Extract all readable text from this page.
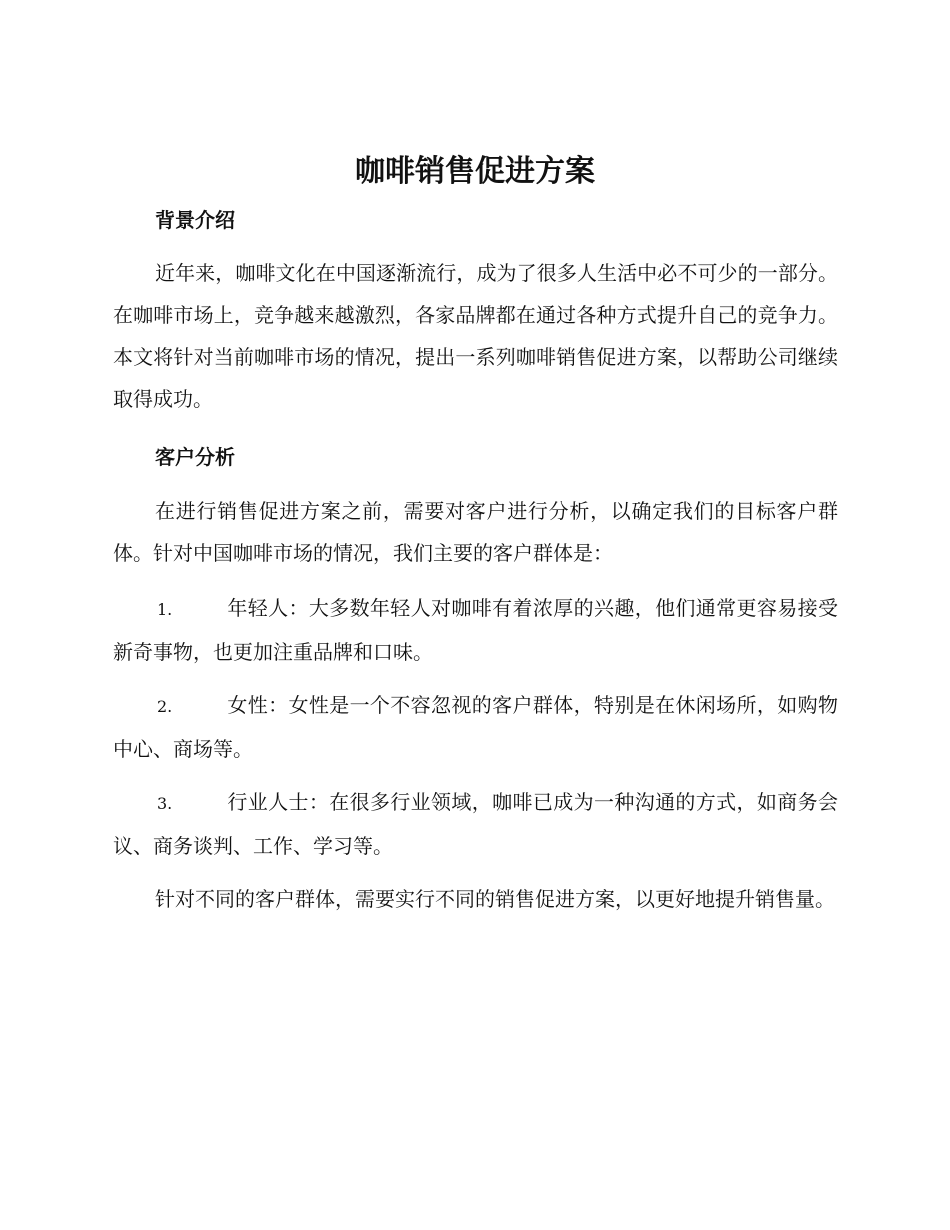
咖啡销售促进方案
背景介绍

近年来，咖啡文化在中国逐渐流行，成为了很多人生活中必不可少的一部分。在咖啡市场上，竞争越来越激烈，各家品牌都在通过各种方式提升自己的竞争力。本文将针对当前咖啡市场的情况，提出一系列咖啡销售促进方案，以帮助公司继续取得成功。

客户分析

在进行销售促进方案之前，需要对客户进行分析，以确定我们的目标客户群体。针对中国咖啡市场的情况，我们主要的客户群体是：

1.	年轻人：大多数年轻人对咖啡有着浓厚的兴趣，他们通常更容易接受新奇事物，也更加注重品牌和口味。

2.	女性：女性是一个不容忽视的客户群体，特别是在休闲场所，如购物中心、商场等。

3.	行业人士：在很多行业领域，咖啡已成为一种沟通的方式，如商务会议、商务谈判、工作、学习等。

针对不同的客户群体，需要实行不同的销售促进方案，以更好地提升销售量。
